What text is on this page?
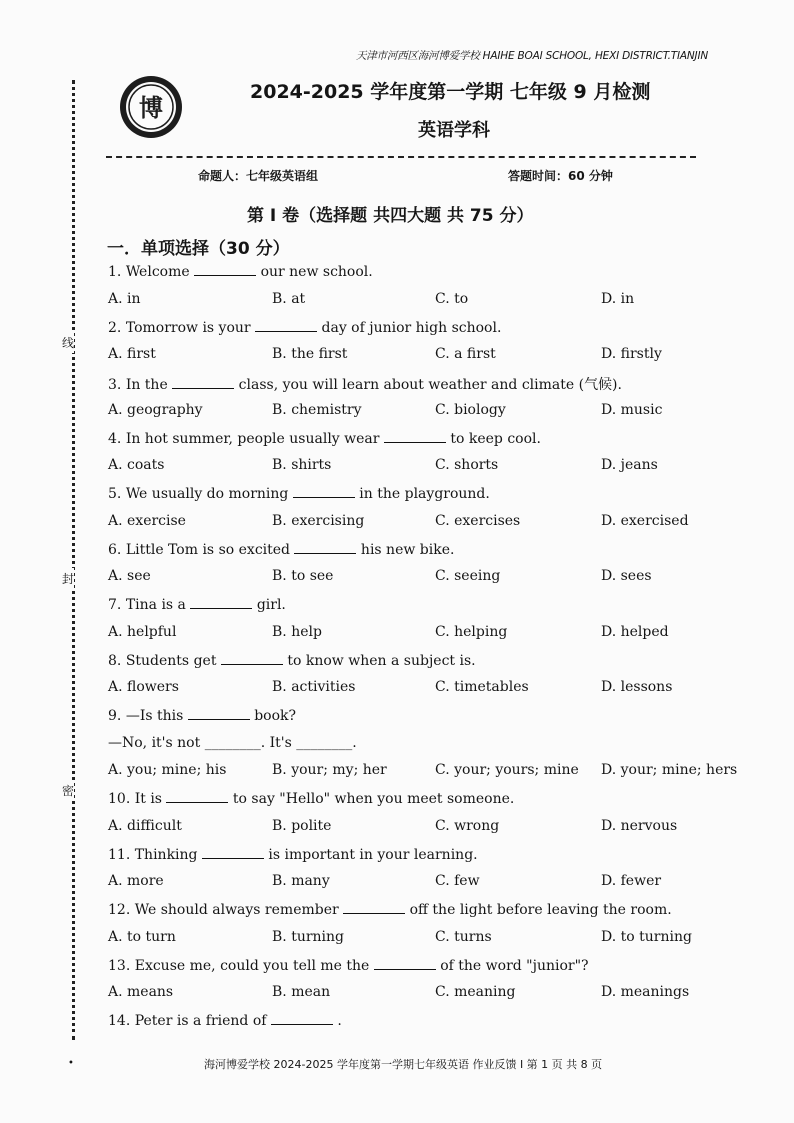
天津市河西区海河博爱学校 HAIHE BOAI SCHOOL, HEXI DISTRICT.TIANJIN
博
2024-2025 学年度第一学期 七年级 9 月检测
英语学科
命题人：七年级英语组	答题时间：60 分钟
第 I 卷（选择题 共四大题 共 75 分）
一．单项选择（30 分）
线
封
密
1. Welcome	our new school.
A. in	B. at	C. to	D. in
2. Tomorrow is your	day of junior high school.
A. first	B. the first	C. a first	D. firstly
3. In the	class, you will learn about weather and climate (气候).
A. geography	B. chemistry	C. biology	D. music
4. In hot summer, people usually wear	to keep cool.
A. coats	B. shirts	C. shorts	D. jeans
5. We usually do morning	in the playground.
A. exercise	B. exercising	C. exercises	D. exercised
6. Little Tom is so excited	his new bike.
A. see	B. to see	C. seeing	D. sees
7. Tina is a	girl.
A. helpful	B. help	C. helping	D. helped
8. Students get	to know when a subject is.
A. flowers	B. activities	C. timetables	D. lessons
9. —Is this	book?
—No, it's not ________. It's ________.
A. you; mine; his	B. your; my; her	C. your; yours; mine D. your; mine; hers
10. It is	to say "Hello" when you meet someone.
A. difficult	B. polite	C. wrong	D. nervous
11. Thinking	is important in your learning.
A. more	B. many	C. few	D. fewer
12. We should always remember	off the light before leaving the room.
A. to turn	B. turning	C. turns	D. to turning
13. Excuse me, could you tell me the	of the word "junior"?
A. means	B. mean	C. meaning	D. meanings
14. Peter is a friend of	.
•	海河博爱学校 2024-2025 学年度第一学期七年级英语 作业反馈 I 第 1 页 共 8 页
